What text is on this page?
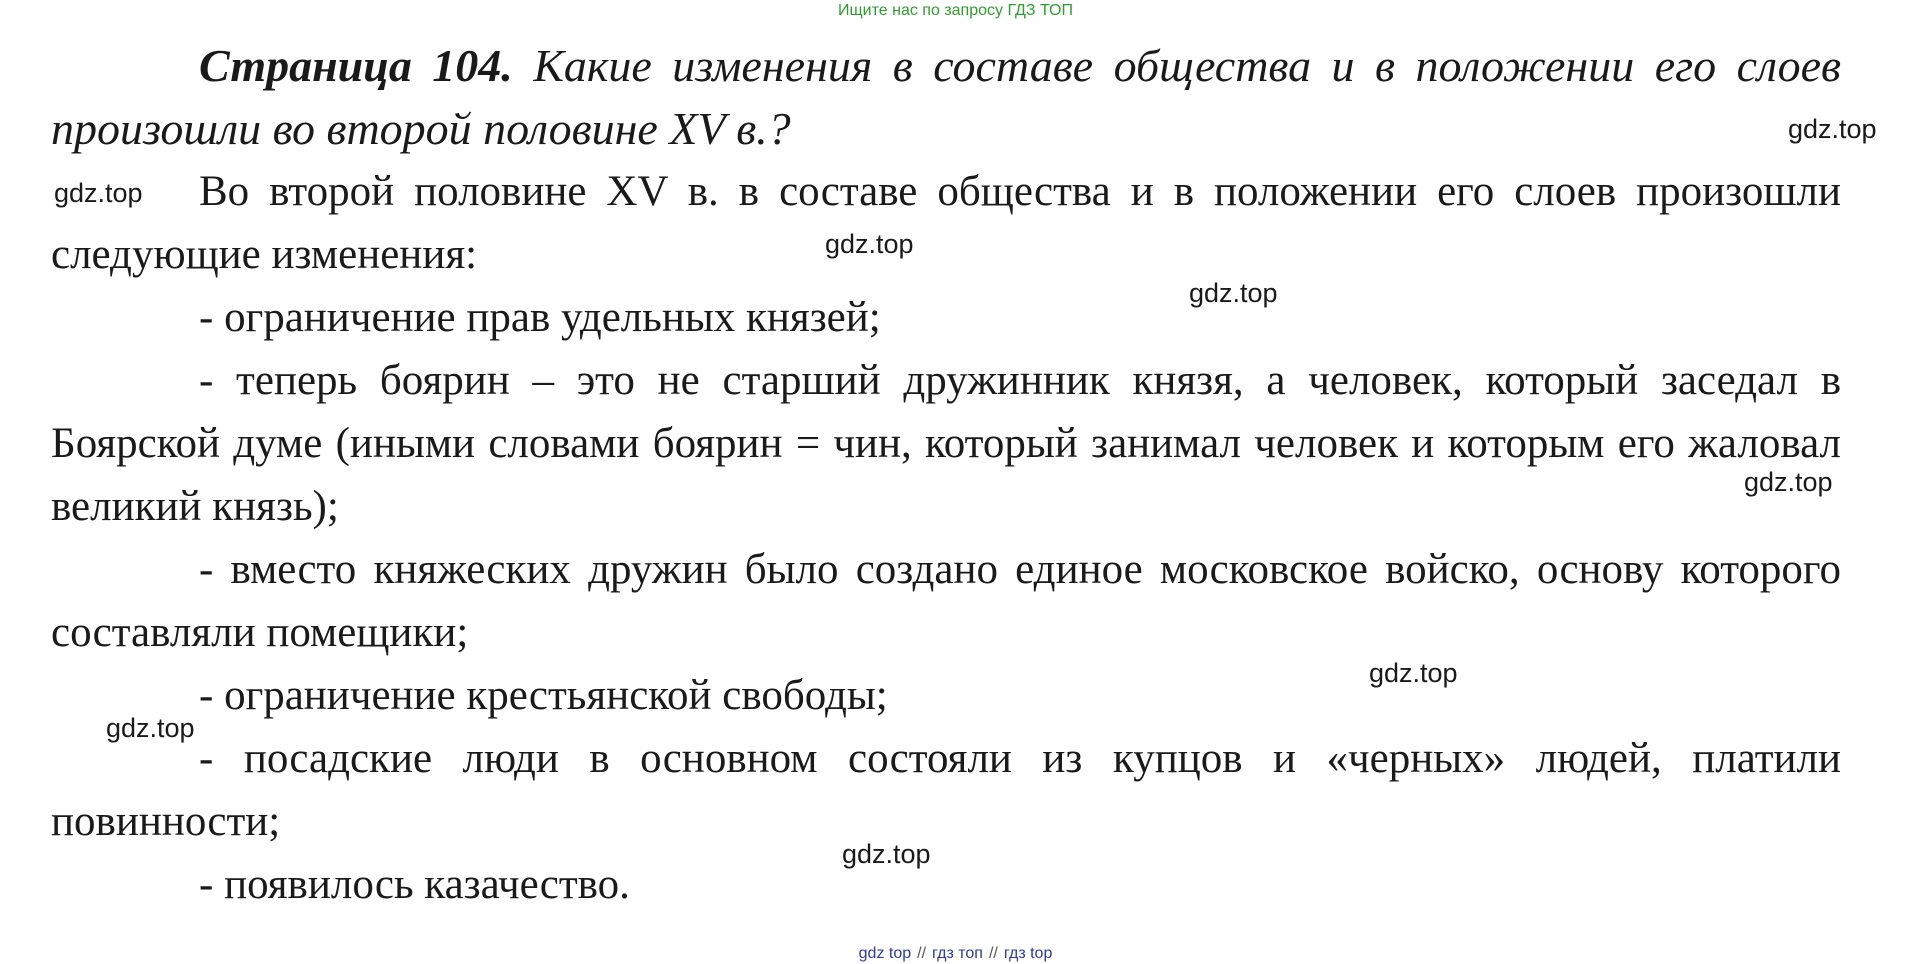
Ищите нас по запросу ГДЗ ТОП

Страница 104. Какие изменения в составе общества и в положении его слоев произошли во второй половине XV в.?

Во второй половине XV в. в составе общества и в положении его слоев произошли следующие изменения:

- ограничение прав удельных князей;

- теперь боярин – это не старший дружинник князя, а человек, который заседал в Боярской думе (иными словами боярин = чин, который занимал человек и которым его жаловал великий князь);

- вместо княжеских дружин было создано единое московское войско, основу которого составляли помещики;

- ограничение крестьянской свободы;

- посадские люди в основном состояли из купцов и «черных» людей, платили повинности;

- появилось казачество.

gdz.top
gdz.top
gdz.top
gdz.top
gdz.top
gdz.top
gdz.top
gdz.top
gdz top // гдз топ // гдз top
